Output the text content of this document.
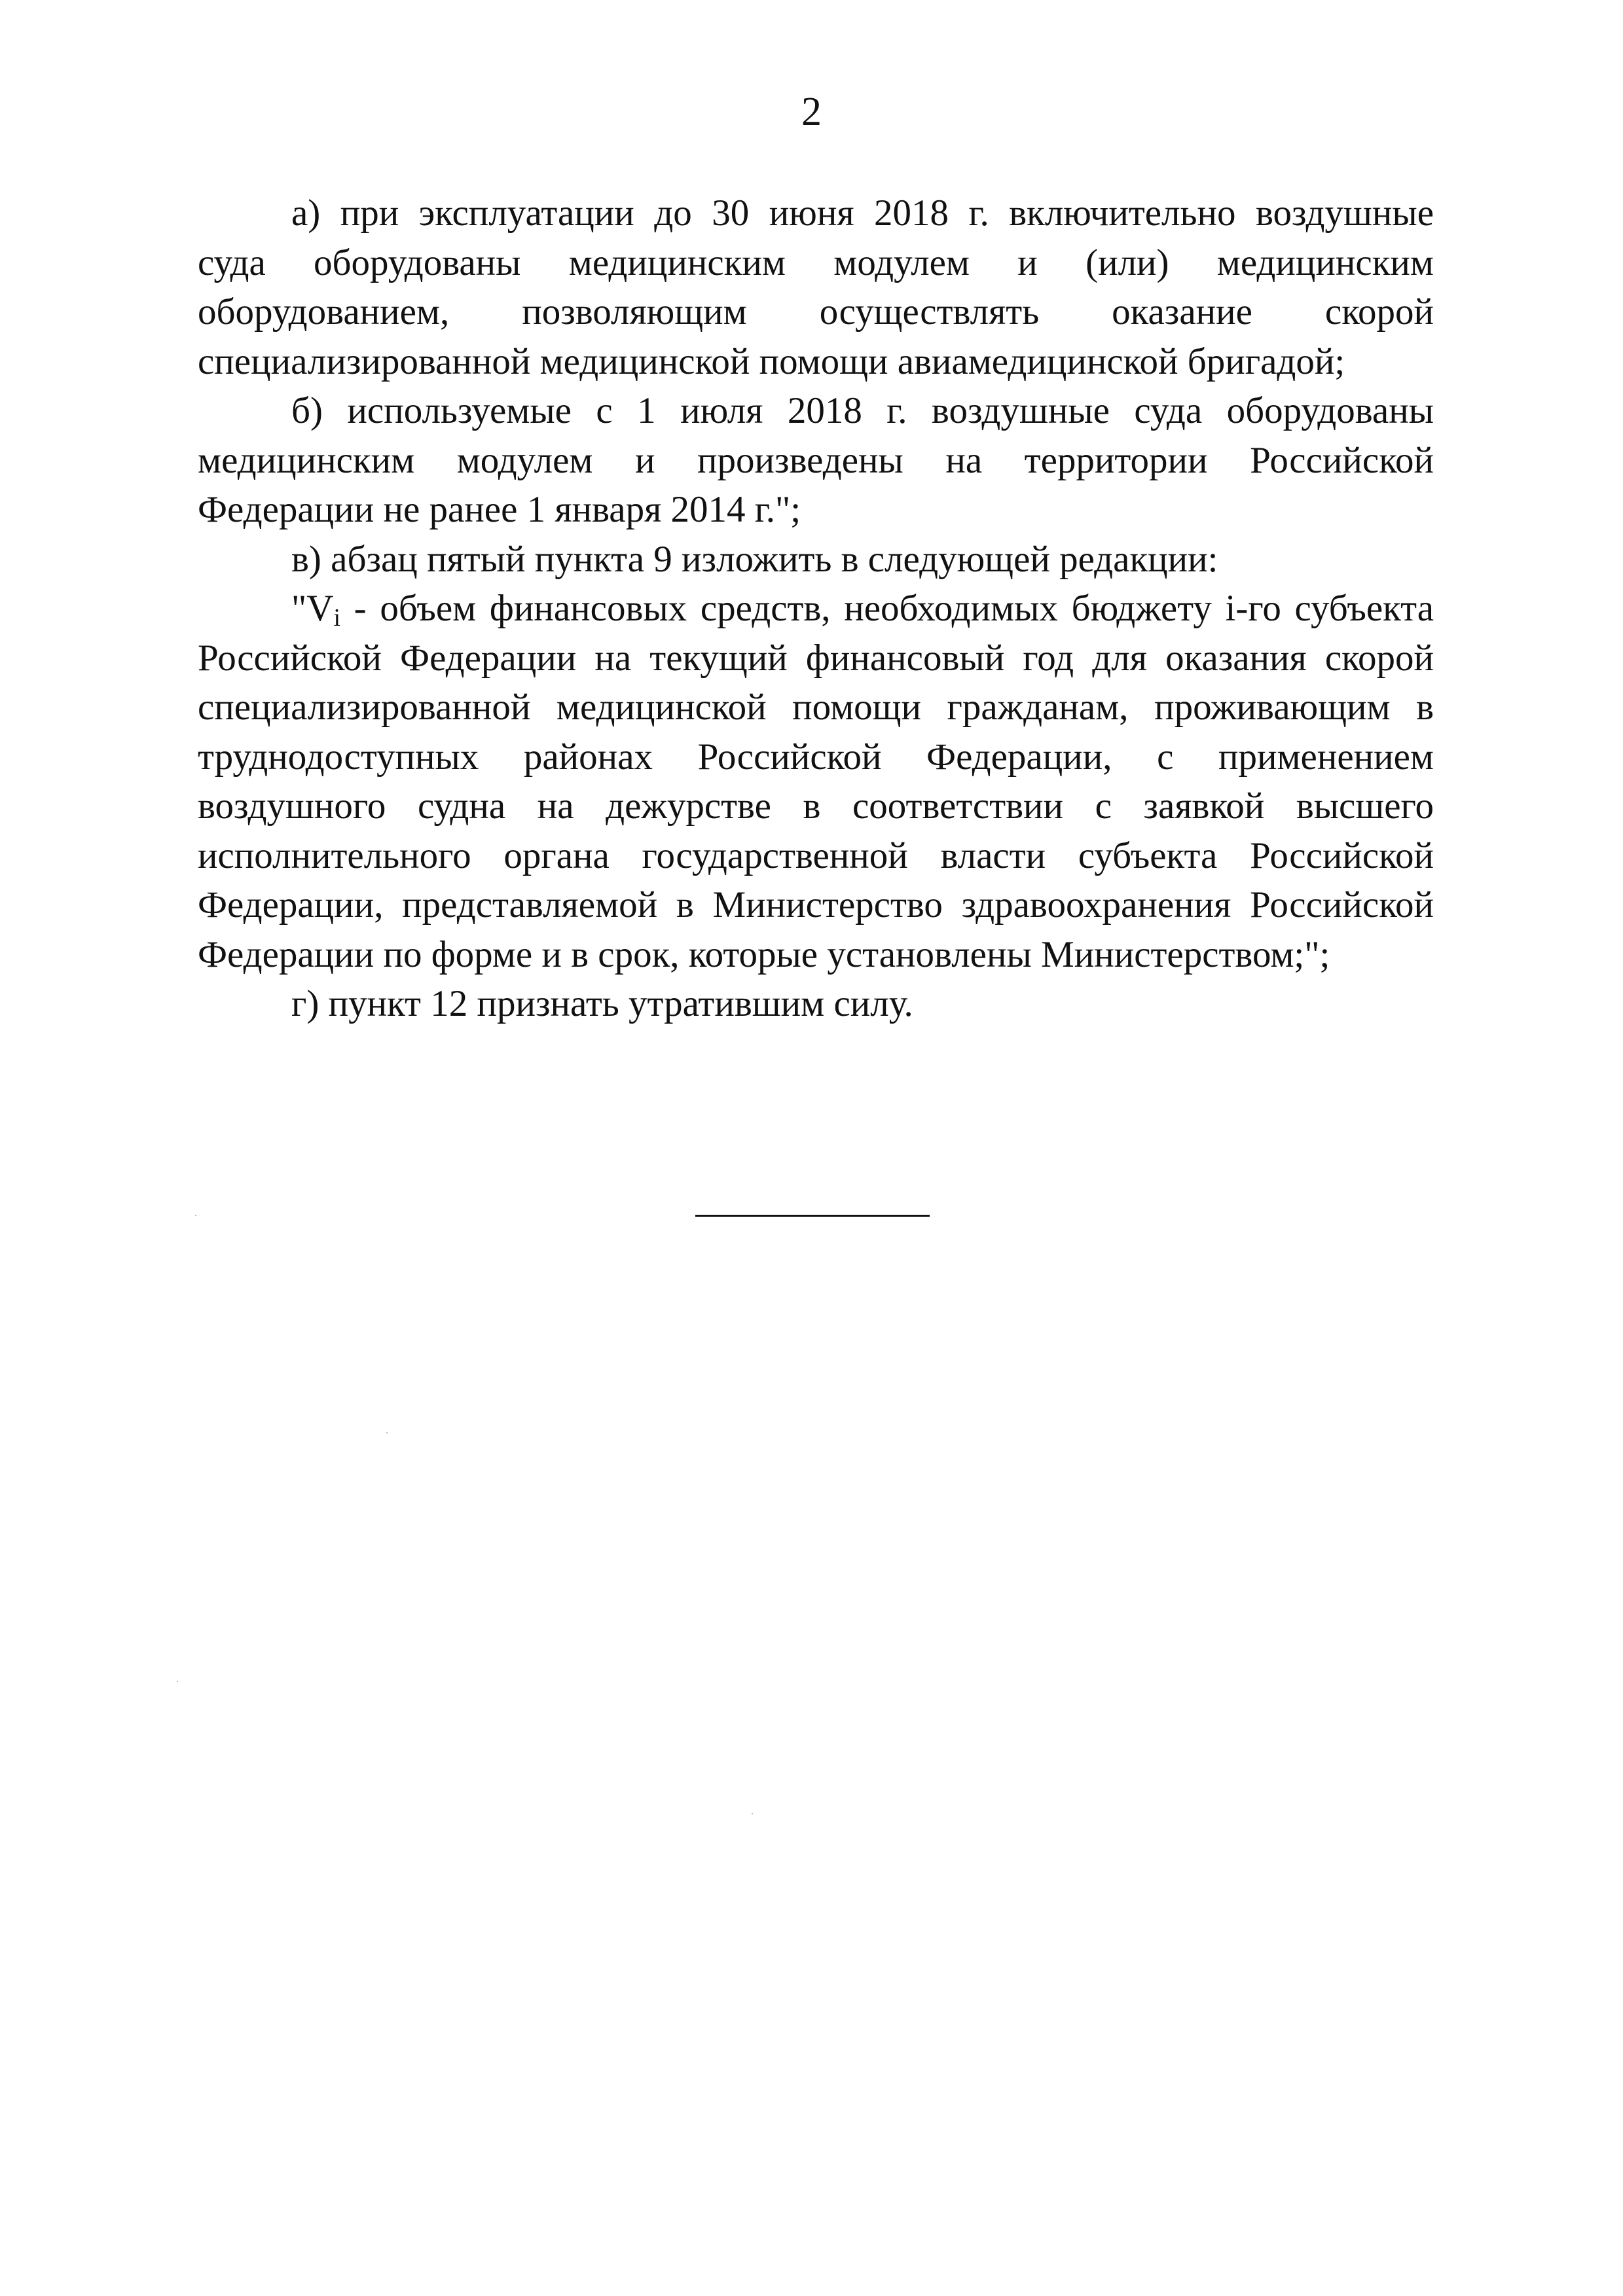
2

а) при эксплуатации до 30 июня 2018 г. включительно воздушные
суда оборудованы медицинским модулем и (или) медицинским
оборудованием, позволяющим осуществлять оказание скорой
специализированной медицинской помощи авиамедицинской бригадой;

б) используемые с 1 июля 2018 г. воздушные суда оборудованы
медицинским модулем и произведены на территории Российской
Федерации не ранее 1 января 2014 г.";

в) абзац пятый пункта 9 изложить в следующей редакции:

"$V_i$ - объем финансовых средств, необходимых бюджету i-го субъекта Российской Федерации на текущий финансовый год для оказания скорой специализированной медицинской помощи гражданам, проживающим в труднодоступных районах Российской Федерации, с применением воздушного судна на дежурстве в соответствии с заявкой высшего исполнительного органа государственной власти субъекта Российской Федерации, представляемой в Министерство здравоохранения Российской Федерации по форме и в срок, которые установлены Министерством;";

г) пункт 12 признать утратившим силу.
